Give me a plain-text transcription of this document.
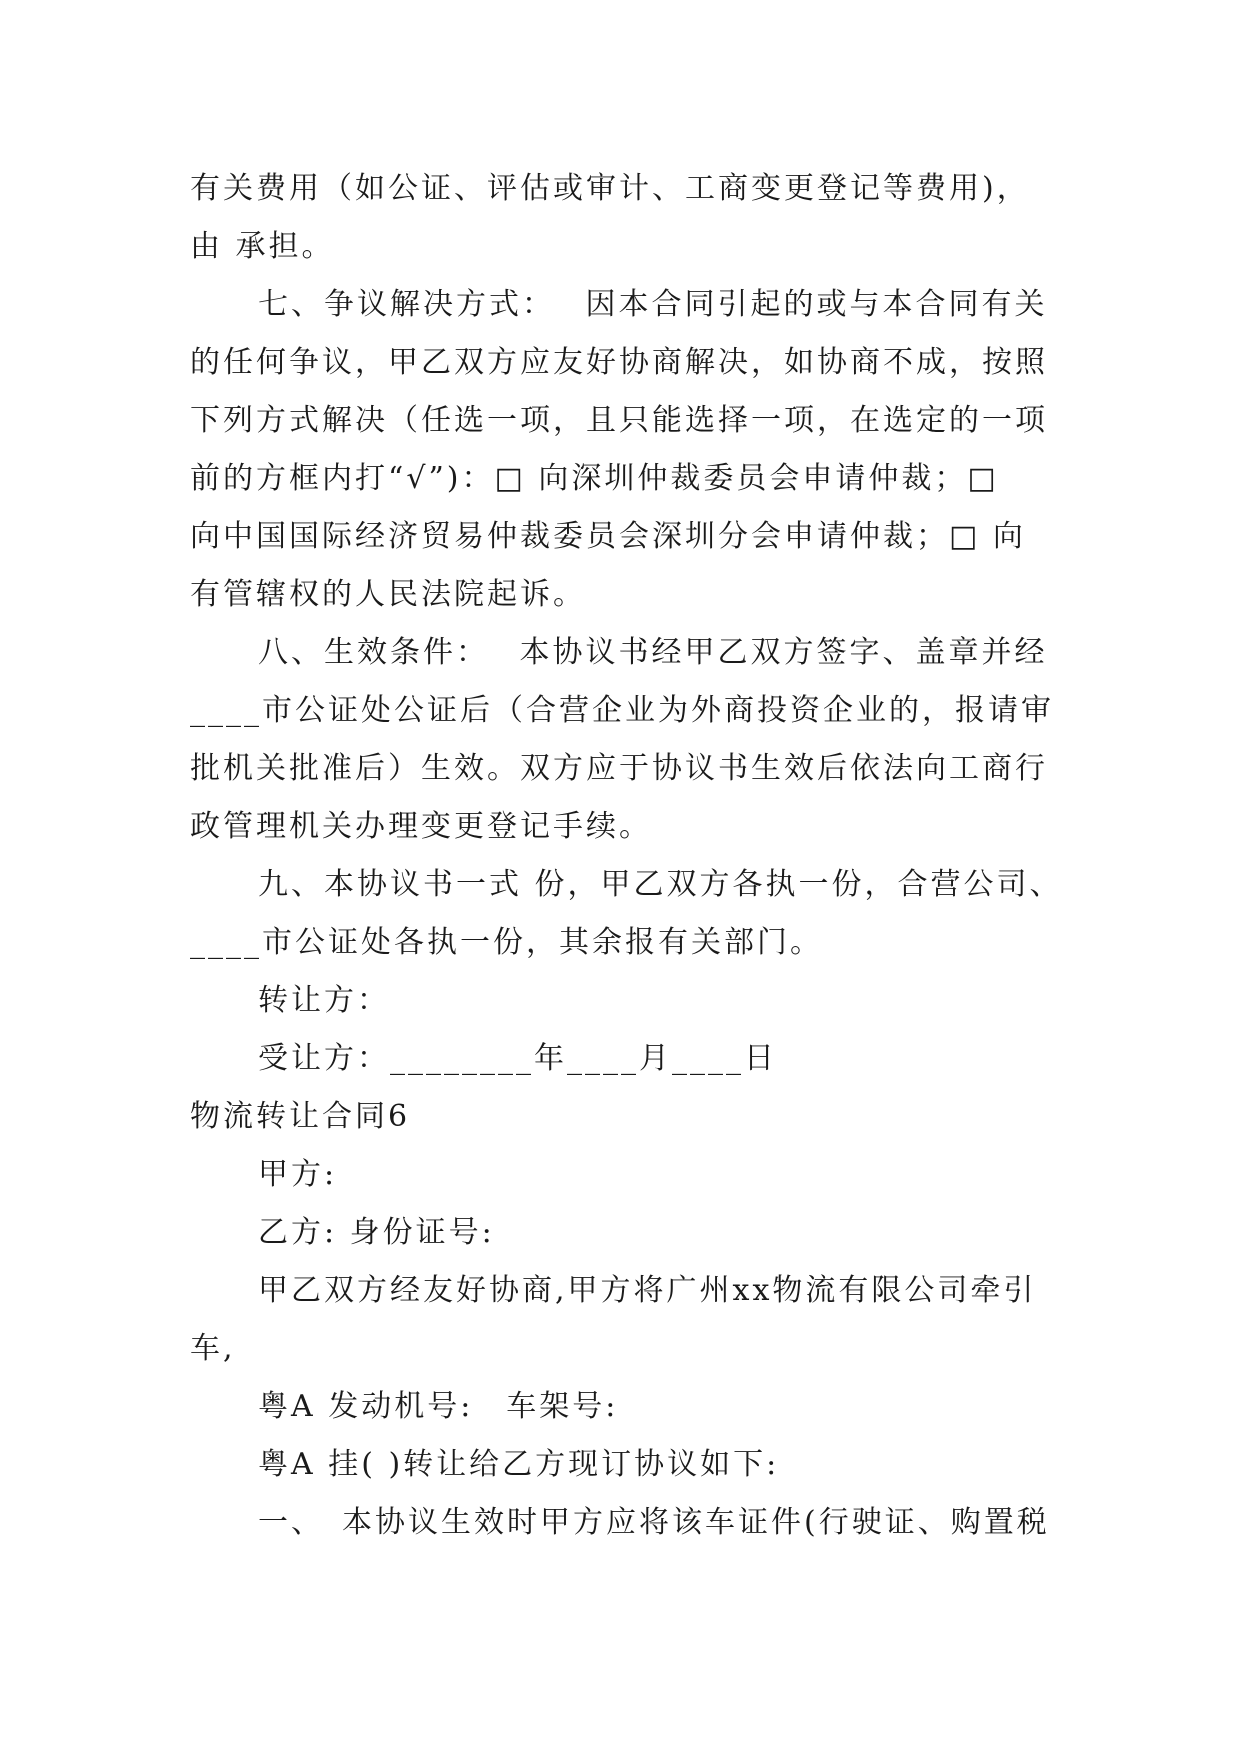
有关费用（如公证、评估或审计、工商变更登记等费用)，
由 承担。
七、争议解决方式：　 因本合同引起的或与本合同有关
的任何争议，甲乙双方应友好协商解决，如协商不成，按照
下列方式解决（任选一项，且只能选择一项，在选定的一项
前的方框内打“√”)：□ 向深圳仲裁委员会申请仲裁；□
向中国国际经济贸易仲裁委员会深圳分会申请仲裁；□ 向
有管辖权的人民法院起诉。
八、生效条件：　 本协议书经甲乙双方签字、盖章并经
____市公证处公证后（合营企业为外商投资企业的，报请审
批机关批准后）生效。双方应于协议书生效后依法向工商行
政管理机关办理变更登记手续。
九、本协议书一式 份，甲乙双方各执一份，合营公司、
____市公证处各执一份，其余报有关部门。
转让方：
受让方：________年____月____日
物流转让合同6
甲方:
乙方: 身份证号:
甲乙双方经友好协商,甲方将广州xx物流有限公司牵引
车,
粤A 发动机号:　车架号:
粤A 挂( )转让给乙方现订协议如下:
一、　本协议生效时甲方应将该车证件(行驶证、购置税
